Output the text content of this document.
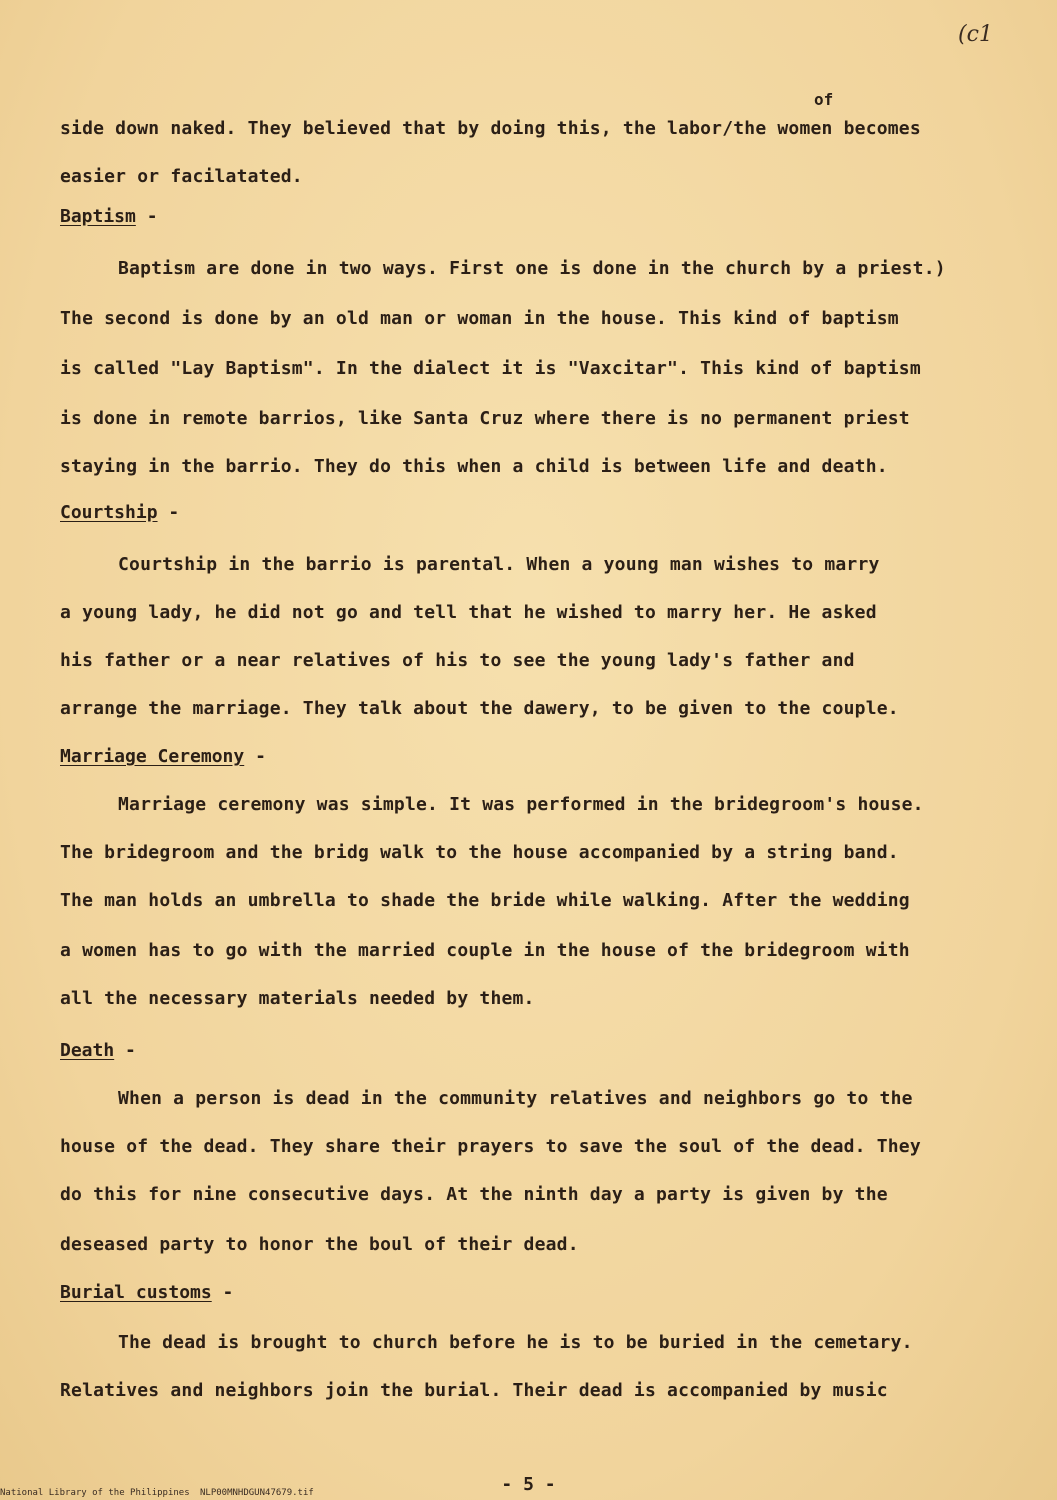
(c1
of
side down naked. They believed that by doing this, the labor/the women becomes
easier or facilatated.
Baptism -
Baptism are done in two ways. First one is done in the church by a priest.)
The second is done by an old man or woman in the house. This kind of baptism
is called "Lay Baptism". In the dialect it is "Vaxcitar". This kind of baptism
is done in remote barrios, like Santa Cruz where there is no permanent priest
staying in the barrio. They do this when a child is between life and death.
Courtship -
Courtship in the barrio is parental. When a young man wishes to marry
a young lady, he did not go and tell that he wished to marry her. He asked
his father or a near relatives of his to see the young lady's father and
arrange the marriage. They talk about the dawery, to be given to the couple.
Marriage Ceremony -
Marriage ceremony was simple. It was performed in the bridegroom's house.
The bridegroom and the bridg walk to the house accompanied by a string band.
The man holds an umbrella to shade the bride while walking. After the wedding
a women has to go with the married couple in the house of the bridegroom with
all the necessary materials needed by them.
Death -
When a person is dead in the community relatives and neighbors go to the
house of the dead. They share their prayers to save the soul of the dead. They
do this for nine consecutive days. At the ninth day a party is given by the
deseased party to honor the boul of their dead.
Burial customs -
The dead is brought to church before he is to be buried in the cemetary.
Relatives and neighbors join the burial. Their dead is accompanied by music
- 5 -
National Library of the Philippines NLP00MNHDGUN47679.tif
